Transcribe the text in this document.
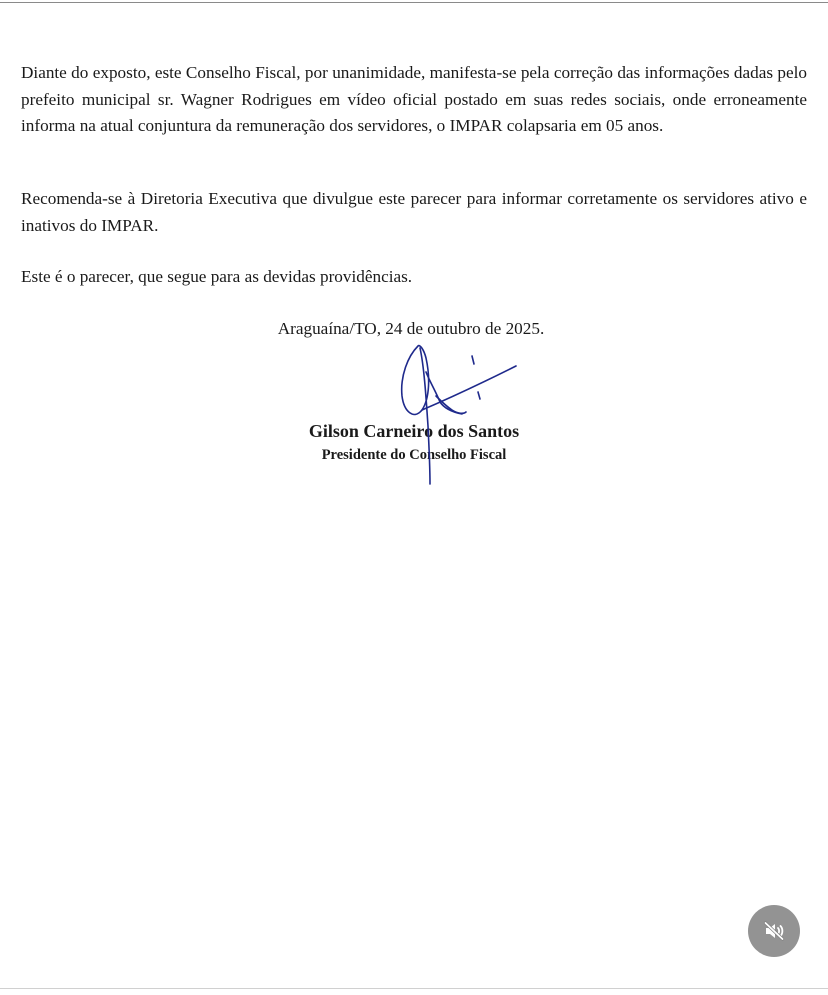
Diante do exposto, este Conselho Fiscal, por unanimidade, manifesta-se pela correção das informações dadas pelo prefeito municipal sr. Wagner Rodrigues em vídeo oficial postado em suas redes sociais, onde erroneamente informa na atual conjuntura da remuneração dos servidores, o IMPAR colapsaria em 05 anos.

Recomenda-se à Diretoria Executiva que divulgue este parecer para informar corretamente os servidores ativo e inativos do IMPAR.

Este é o parecer, que segue para as devidas providências.

Araguaína/TO, 24 de outubro de 2025.
Gilson Carneiro dos Santos
Presidente do Conselho Fiscal
